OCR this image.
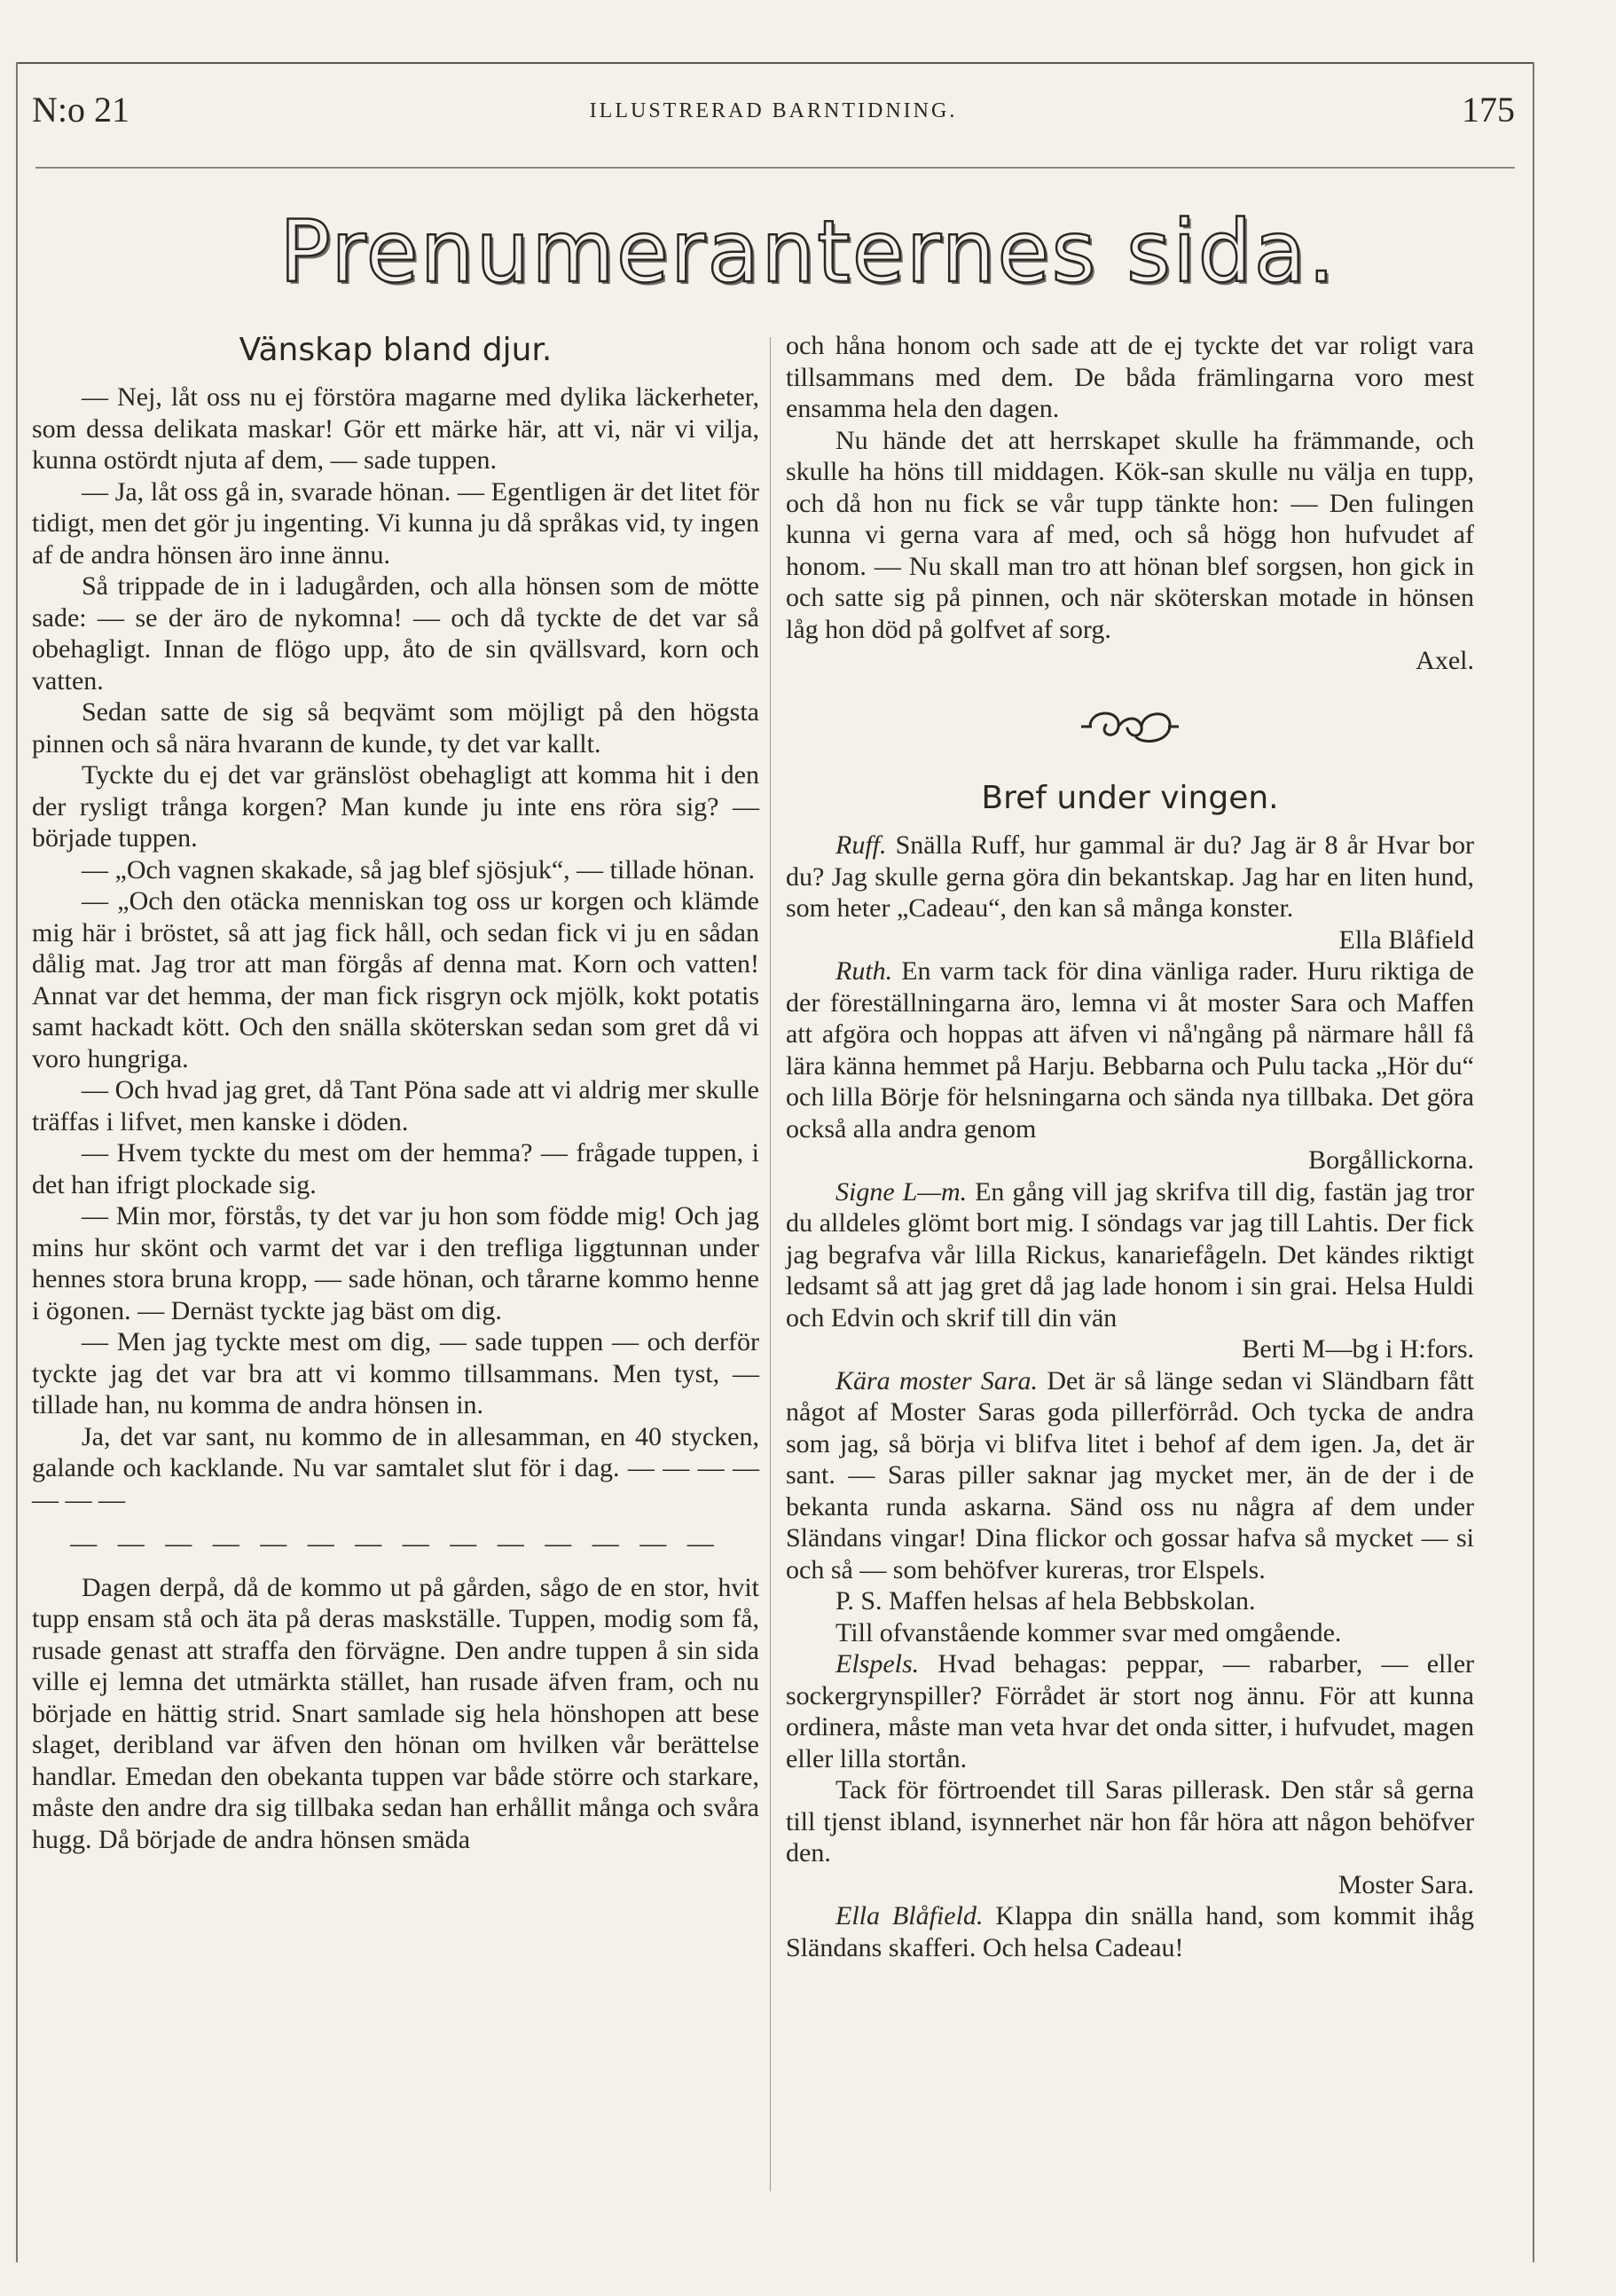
N:o 21	ILLUSTRERAD BARNTIDNING.	175
Prenumeranternes sida.
Vänskap bland djur.

— Nej, låt oss nu ej förstöra magarne med dylika läckerheter, som dessa delikata maskar! Gör ett märke här, att vi, när vi vilja, kunna ostördt njuta af dem, — sade tuppen.

— Ja, låt oss gå in, svarade hönan. — Egentligen är det litet för tidigt, men det gör ju ingenting. Vi kunna ju då språkas vid, ty ingen af de andra hönsen äro inne ännu.

Så trippade de in i ladugården, och alla hönsen som de mötte sade: — se der äro de nykomna! — och då tyckte de det var så obehagligt. Innan de flögo upp, åto de sin qvällsvard, korn och vatten.

Sedan satte de sig så beqvämt som möjligt på den högsta pinnen och så nära hvarann de kunde, ty det var kallt.

Tyckte du ej det var gränslöst obehagligt att komma hit i den der rysligt trånga korgen? Man kunde ju inte ens röra sig? — började tuppen.

— „Och vagnen skakade, så jag blef sjösjuk“, — tillade hönan.

— „Och den otäcka menniskan tog oss ur korgen och klämde mig här i bröstet, så att jag fick håll, och sedan fick vi ju en sådan dålig mat. Jag tror att man förgås af denna mat. Korn och vatten! Annat var det hemma, der man fick risgryn ock mjölk, kokt potatis samt hackadt kött. Och den snälla sköterskan sedan som gret då vi voro hungriga.

— Och hvad jag gret, då Tant Pöna sade att vi aldrig mer skulle träffas i lifvet, men kanske i döden.

— Hvem tyckte du mest om der hemma? — frågade tuppen, i det han ifrigt plockade sig.

— Min mor, förstås, ty det var ju hon som födde mig! Och jag mins hur skönt och varmt det var i den trefliga liggtunnan under hennes stora bruna kropp, — sade hönan, och tårarne kommo henne i ögonen. — Dernäst tyckte jag bäst om dig.

— Men jag tyckte mest om dig, — sade tuppen — och derför tyckte jag det var bra att vi kommo tillsammans. Men tyst, — tillade han, nu komma de andra hönsen in.

Ja, det var sant, nu kommo de in allesamman, en 40 stycken, galande och kacklande. Nu var samtalet slut för i dag. — — — — — — —

— — — — — — — — — — — — — —

Dagen derpå, då de kommo ut på gården, sågo de en stor, hvit tupp ensam stå och äta på deras maskställe. Tuppen, modig som få, rusade genast att straffa den förvägne. Den andre tuppen å sin sida ville ej lemna det utmärkta stället, han rusade äfven fram, och nu började en hättig strid. Snart samlade sig hela hönshopen att bese slaget, deribland var äfven den hönan om hvilken vår berättelse handlar. Emedan den obekanta tuppen var både större och starkare, måste den andre dra sig tillbaka sedan han erhållit många och svåra hugg. Då började de andra hönsen smäda

och håna honom och sade att de ej tyckte det var roligt vara tillsammans med dem. De båda främlingarna voro mest ensamma hela den dagen.

Nu hände det att herrskapet skulle ha främmande, och skulle ha höns till middagen. Kök-san skulle nu välja en tupp, och då hon nu fick se vår tupp tänkte hon: — Den fulingen kunna vi gerna vara af med, och så högg hon hufvudet af honom. — Nu skall man tro att hönan blef sorgsen, hon gick in och satte sig på pinnen, och när sköterskan motade in hönsen låg hon död på golfvet af sorg.

Axel.
Bref under vingen.

Ruff. Snälla Ruff, hur gammal är du? Jag är 8 år Hvar bor du? Jag skulle gerna göra din bekantskap. Jag har en liten hund, som heter „Cadeau“, den kan så många konster.

Ella Blåfield

Ruth. En varm tack för dina vänliga rader. Huru riktiga de der föreställningarna äro, lemna vi åt moster Sara och Maffen att afgöra och hoppas att äfven vi nå'ngång på närmare håll få lära känna hemmet på Harju. Bebbarna och Pulu tacka „Hör du“ och lilla Börje för helsningarna och sända nya tillbaka. Det göra också alla andra genom

Borgållickorna.

Signe L—m. En gång vill jag skrifva till dig, fastän jag tror du alldeles glömt bort mig. I söndags var jag till Lahtis. Der fick jag begrafva vår lilla Rickus, kanariefågeln. Det kändes riktigt ledsamt så att jag gret då jag lade honom i sin grai. Helsa Huldi och Edvin och skrif till din vän

Berti M—bg i H:fors.

Kära moster Sara. Det är så länge sedan vi Sländbarn fått något af Moster Saras goda pillerförråd. Och tycka de andra som jag, så börja vi blifva litet i behof af dem igen. Ja, det är sant. — Saras piller saknar jag mycket mer, än de der i de bekanta runda askarna. Sänd oss nu några af dem under Sländans vingar! Dina flickor och gossar hafva så mycket — si och så — som behöfver kureras, tror Elspels.

P. S. Maffen helsas af hela Bebbskolan.

Till ofvanstående kommer svar med omgående.

Elspels. Hvad behagas: peppar, — rabarber, — eller sockergrynspiller? Förrådet är stort nog ännu. För att kunna ordinera, måste man veta hvar det onda sitter, i hufvudet, magen eller lilla stortån.

Tack för förtroendet till Saras pillerask. Den står så gerna till tjenst ibland, isynnerhet när hon får höra att någon behöfver den.

Moster Sara.

Ella Blåfield. Klappa din snälla hand, som kommit ihåg Sländans skafferi. Och helsa Cadeau!
